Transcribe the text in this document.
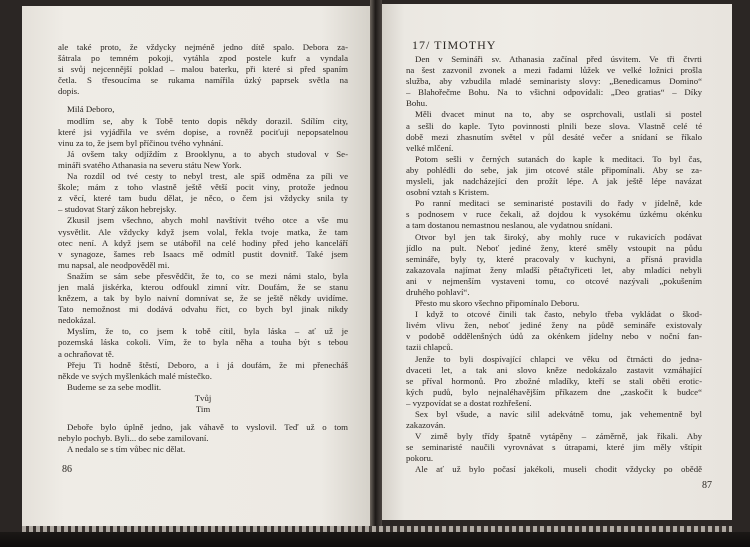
ale také proto, že vždycky nejméně jedno dítě spalo. Debora za-
šátrala po temném pokoji, vytáhla zpod postele kufr a vyndala
si svůj nejcennější poklad – malou baterku, při které si před spaním
četla. S třesoucíma se rukama namířila úzký paprsek světla na
dopis.
Milá Deboro,
modlím se, aby k Tobě tento dopis někdy dorazil. Sdílím city,
které jsi vyjádřila ve svém dopise, a rovněž pociťuji nepopsatelnou
vinu za to, že jsem byl příčinou tvého vyhnání.
Já ovšem taky odjíždím z Brooklynu, a to abych studoval v Se-
mináři svatého Athanasia na severu státu New York.
Na rozdíl od tvé cesty to nebyl trest, ale spíš odměna za píli ve
škole; mám z toho vlastně ještě větší pocit viny, protože jednou
z věcí, které tam budu dělat, je něco, o čem jsi vždycky snila ty
– studovat Starý zákon hebrejsky.
Zkusil jsem všechno, abych mohl navštívit tvého otce a vše mu
vysvětlit. Ale vždycky když jsem volal, řekla tvoje matka, že tam
otec není. A když jsem se utábořil na celé hodiny před jeho kanceláří
v synagoze, šames reb Isaacs mě odmítl pustit dovnitř. Také jsem
mu napsal, ale neodpověděl mi.
Snažím se sám sebe přesvědčit, že to, co se mezi námi stalo, byla
jen malá jiskérka, kterou odfoukl zimní vítr. Doufám, že se stanu
knězem, a tak by bylo naivní domnívat se, že se ještě někdy uvidíme.
Tato nemožnost mi dodává odvahu říct, co bych byl jinak nikdy
nedokázal.
Myslím, že to, co jsem k tobě cítil, byla láska – ať už je
pozemská láska cokoli. Vím, že to byla něha a touha být s tebou
a ochraňovat tě.
Přeju Ti hodně štěstí, Deboro, a i já doufám, že mi přenecháš
někde ve svých myšlenkách malé místečko.
Budeme se za sebe modlit.
Tvůj
Tim
Debořе bylo úplně jedno, jak váhavě to vyslovil. Teď už o tom
nebylo pochyb. Byli... do sebe zamilovaní.
A nedalo se s tím vůbec nic dělat.
86
17/ TIMOTHY
Den v Semináři sv. Athanasia začínal před úsvitem. Ve tři čtvrti
na šest zazvonil zvonek a mezi řadami lůžek ve velké ložnici prošla
služba, aby vzbudila mladé seminaristy slovy: „Benedicamus Domino“
– Blahořečme Bohu. Na to všichni odpovídali: „Deo gratias“ – Díky
Bohu.
Měli dvacet minut na to, aby se osprchovali, ustlali si postel
a sešli do kaple. Tyto povinnosti plnili beze slova. Vlastně celé té
době mezi zhasnutím světel v půl desáté večer a snídaní se říkalo
velké mlčení.
Potom sešli v černých sutanách do kaple k meditaci. To byl čas,
aby pohlédli do sebe, jak jim otcové stále připomínali. Aby se za-
mysleli, jak nadcházející den prožít lépe. A jak ještě lépe navázat
osobní vztah s Kristem.
Po ranní meditaci se seminaristé postavili do řady v jídelně, kde
s podnosem v ruce čekali, až dojdou k vysokému úzkému okénku
a tam dostanou nemastnou neslanou, ale vydatnou snídani.
Otvor byl jen tak široký, aby mohly ruce v rukavicích podávat
jídlo na pult. Neboť jediné ženy, které směly vstoupit na půdu
semináře, byly ty, které pracovaly v kuchyni, a přísná pravidla
zakazovala najímat ženy mladší pětačtyřiceti let, aby mladíci nebyli
ani v nejmenším vystaveni tomu, co otcové nazývali „pokušením
druhého pohlaví“.
Přesto mu skoro všechno připomínalo Deboru.
I když to otcové činili tak často, nebylo třeba vykládat o škod-
livém vlivu žen, neboť jediné ženy na půdě semináře existovaly
v podobě oddělenšných údů za okénkem jídelny nebo v noční fan-
tazii chlapců.
Jenže to byli dospívající chlapci ve věku od čtrnácti do jedna-
dvaceti let, a tak ani slovo kněze nedokázalo zastavit vzmáhající
se příval hormonů. Pro zbožné mladíky, kteří se stali oběti erotic-
kých pudů, bylo nejnaléhavějším příkazem dne „zaskočit k budce“
– vyzpovídat se a dostat rozhřešení.
Sex byl všude, a navíc silil adekvátně tomu, jak vehementně byl
zakazován.
V zimě byly třídy špatně vytápěny – záměrně, jak říkali. Aby
se seminaristé naučili vyrovnávat s útrapami, které jim měly vštípit
pokoru.
Ale ať už bylo počasí jakékoli, museli chodit vždycky po obědě
87
